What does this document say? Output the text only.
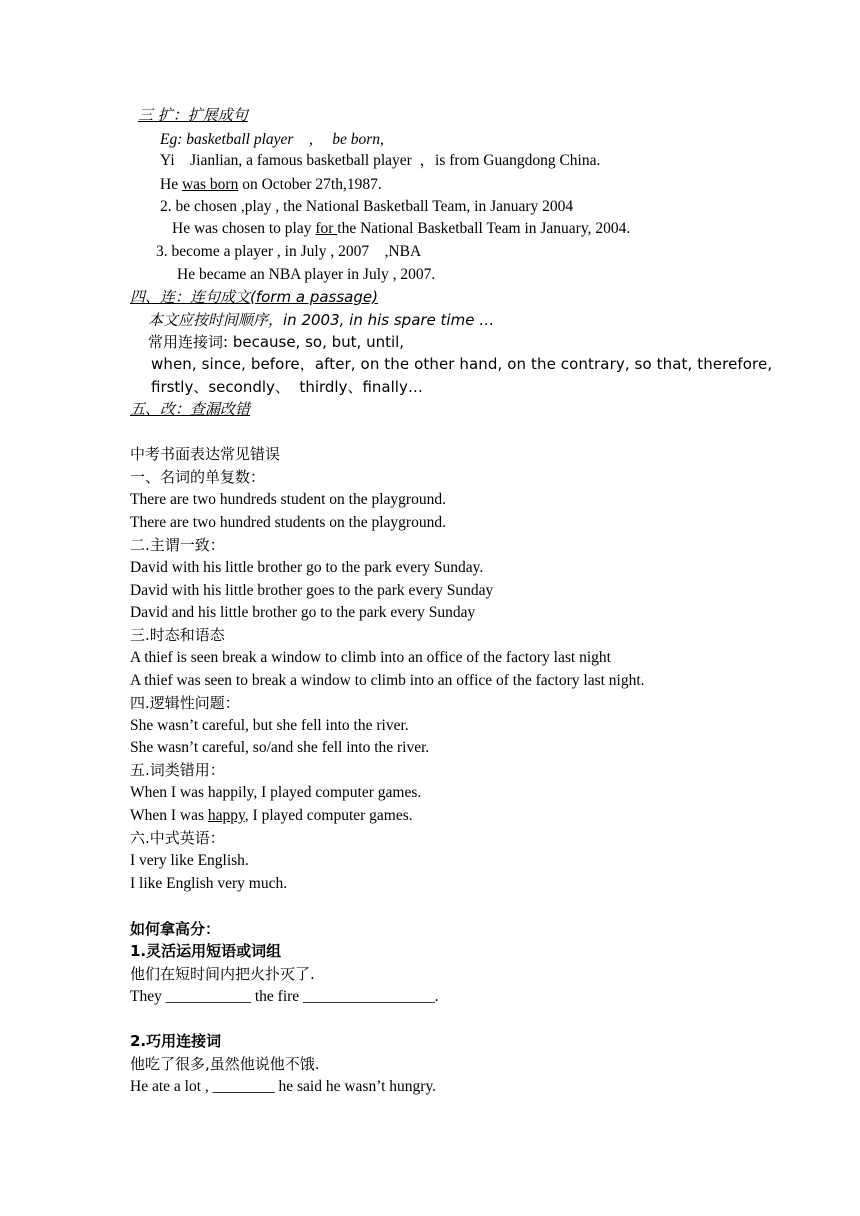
三 扩：扩展成句
Eg: basketball player    ,     be born,
Yi    Jianlian, a famous basketball player  ，is from Guangdong China.
He was born on October 27th,1987.
2. be chosen ,play , the National Basketball Team, in January 2004
He was chosen to play for the National Basketball Team in January, 2004.
3. become a player , in July , 2007    ,NBA
He became an NBA player in July , 2007.
四、连：连句成文(form a passage)
本文应按时间顺序，in 2003, in his spare time …
常用连接词: because, so, but, until,
when, since, before，after, on the other hand, on the contrary, so that, therefore,
firstly、secondly、  thirdly、finally…
五、改：查漏改错
中考书面表达常见错误
一、名词的单复数：
There are two hundreds student on the playground.
There are two hundred students on the playground.
二.主谓一致：
David with his little brother go to the park every Sunday.
David with his little brother goes to the park every Sunday
David and his little brother go to the park every Sunday
三.时态和语态
A thief is seen break a window to climb into an office of the factory last night
A thief was seen to break a window to climb into an office of the factory last night.
四.逻辑性问题：
She wasn’t careful, but she fell into the river.
She wasn’t careful, so/and she fell into the river.
五.词类错用：
When I was happily, I played computer games.
When I was happy, I played computer games.
六.中式英语：
I very like English.
I like English very much.
如何拿高分：
1.灵活运用短语或词组
他们在短时间内把火扑灭了.
They ___________ the fire _________________.
2.巧用连接词
他吃了很多,虽然他说他不饿.
He ate a lot , ________ he said he wasn’t hungry.
